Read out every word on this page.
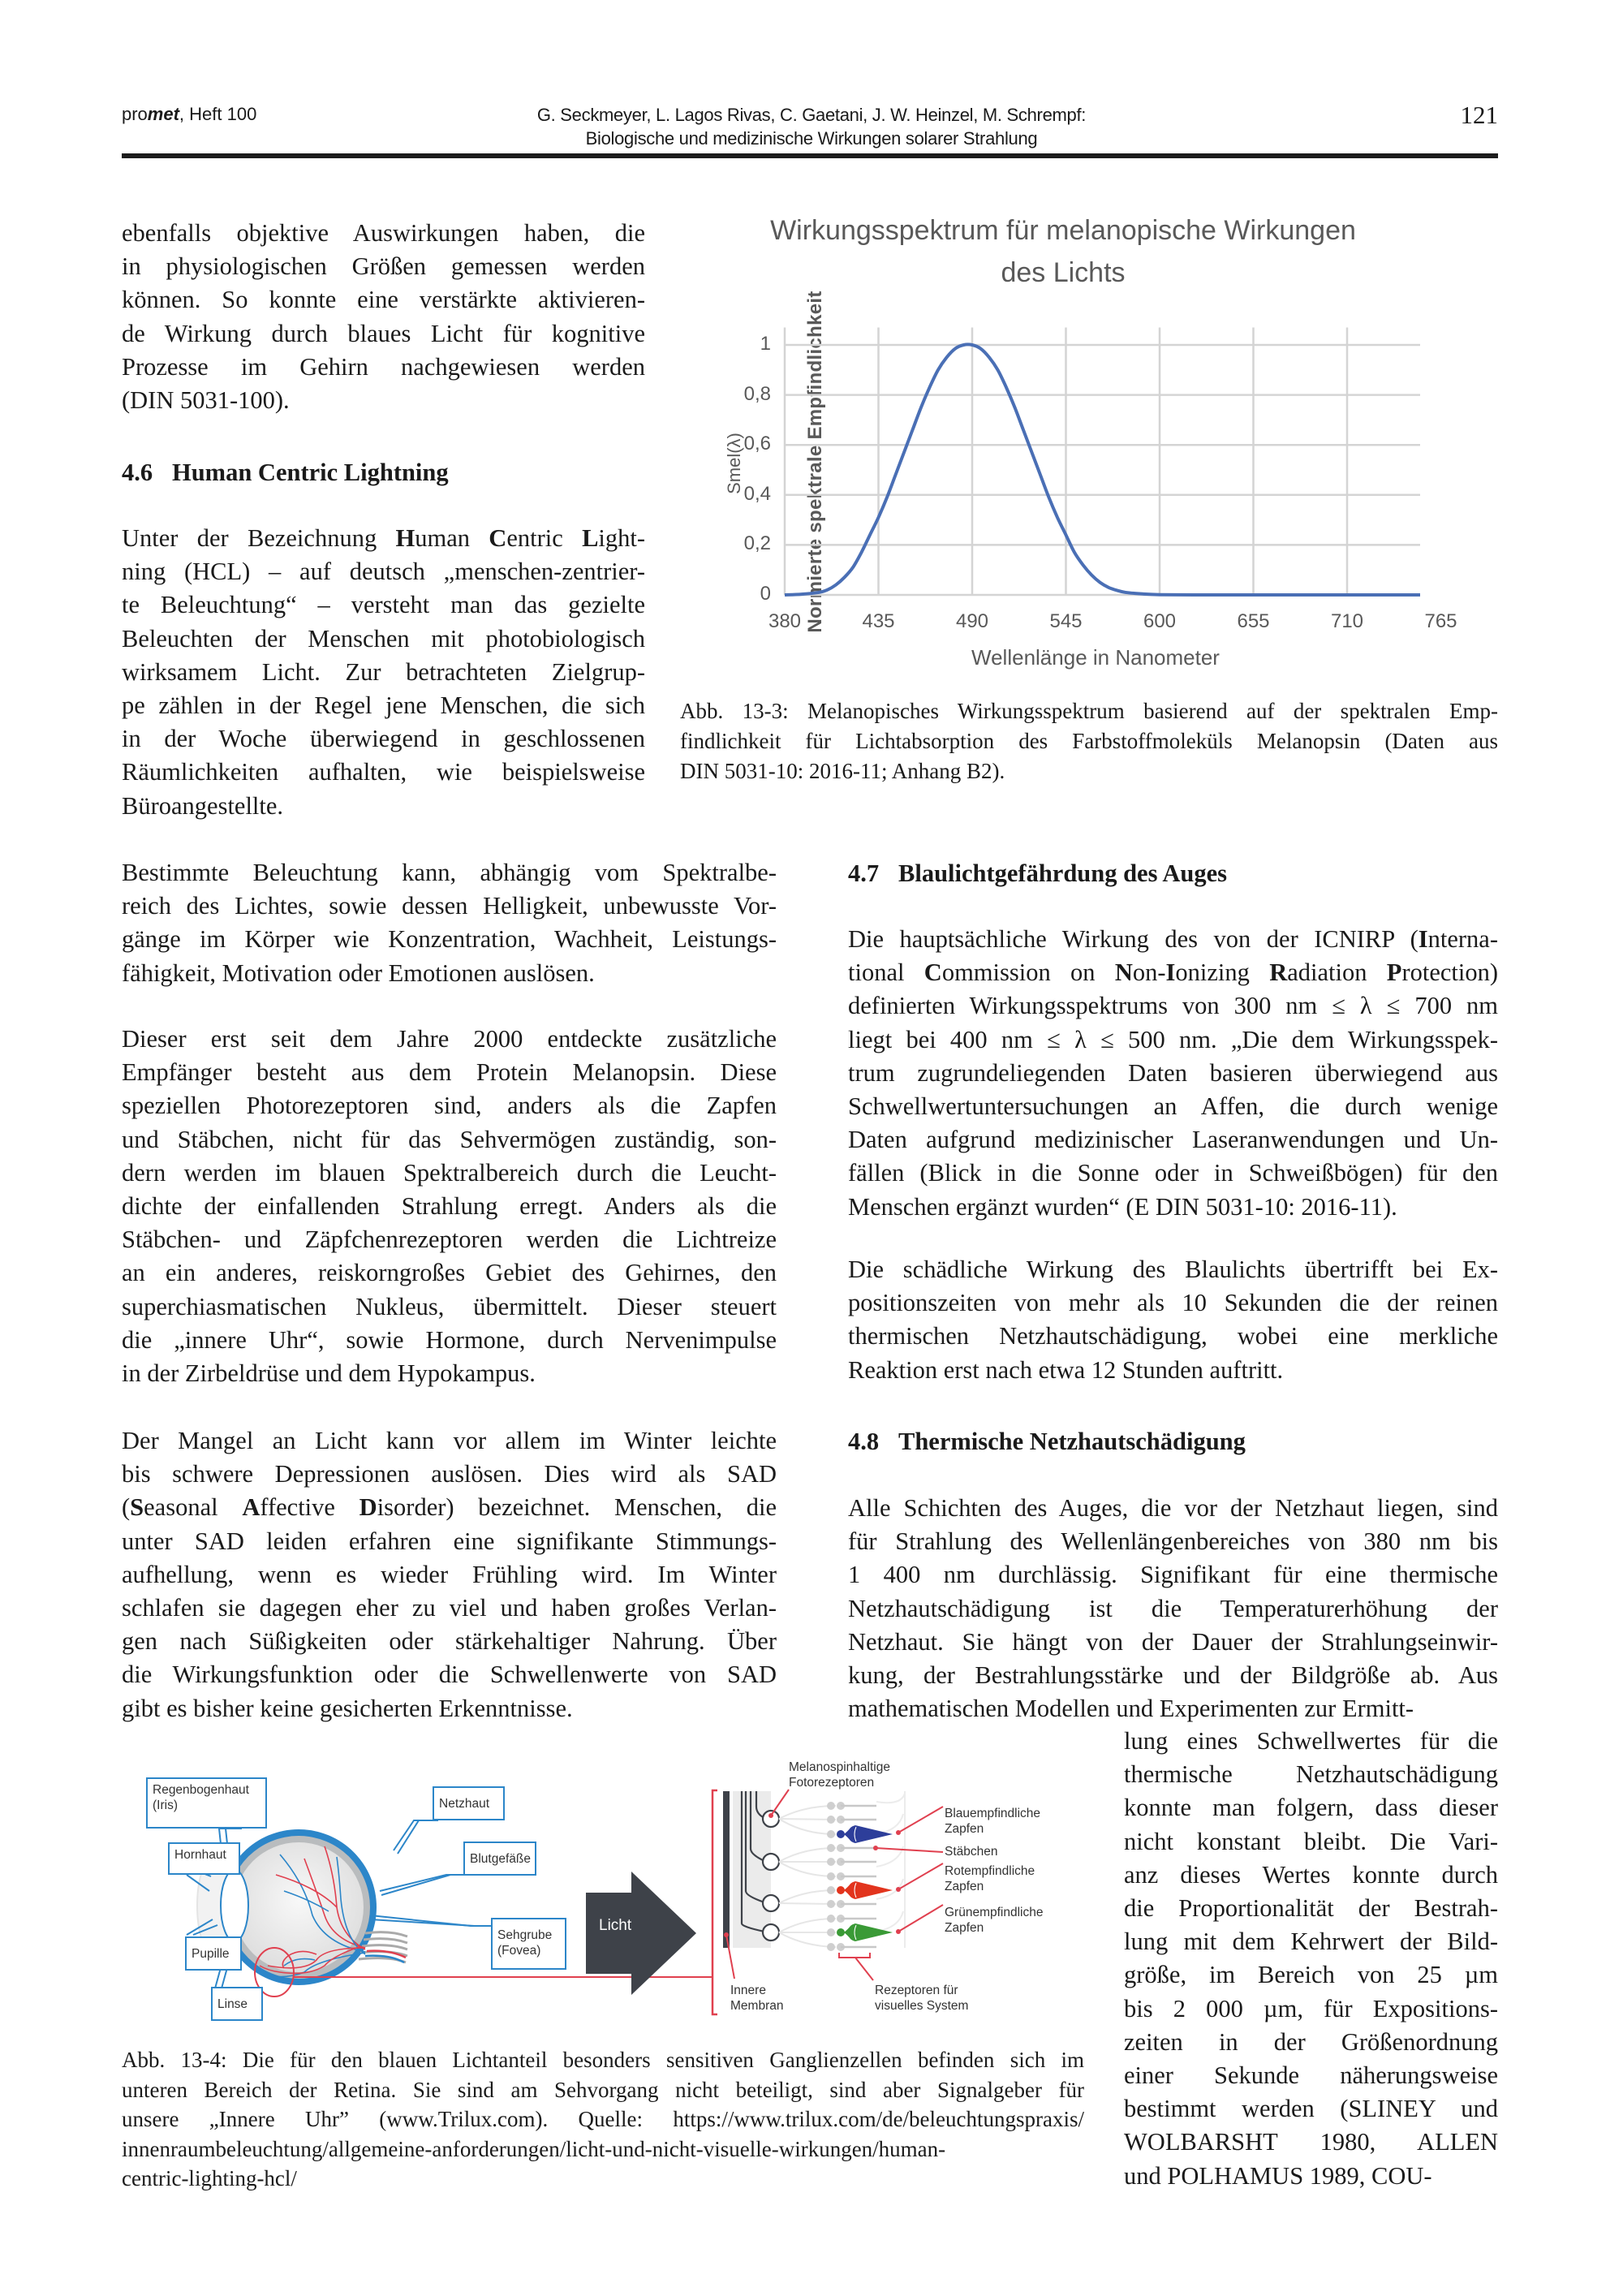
promet, Heft 100	G. Seckmeyer, L. Lagos Rivas, C. Gaetani, J. W. Heinzel, M. Schrempf:
Biologische und medizinische Wirkungen solarer Strahlung
121
ebenfalls objektive Auswirkungen haben, die
in physiologischen Größen gemessen werden
können. So konnte eine verstärkte aktivieren-
de Wirkung durch blaues Licht für kognitive
Prozesse im Gehirn nachgewiesen werden
(DIN 5031-100).
4.6 Human Centric Lightning
Unter der Bezeichnung Human Centric Light-
ning (HCL) – auf deutsch „menschen-zentrier-
te Beleuchtung“ – versteht man das gezielte
Beleuchten der Menschen mit photobiologisch
wirksamem Licht. Zur betrachteten Zielgrup-
pe zählen in der Regel jene Menschen, die sich
in der Woche überwiegend in geschlossenen
Räumlichkeiten aufhalten, wie beispielsweise
Büroangestellte.
Wirkungsspektrum für melanopische Wirkungen
des Lichts
Normierte spektrale Empfindlichkeit
Smel(λ)
0
0,2
0,4
0,6
0,8
1
380	435	490	545	600	655	710	765
Wellenlänge in Nanometer
Abb. 13-3: Melanopisches Wirkungsspektrum basierend auf der spektralen Emp-
findlichkeit für Lichtabsorption des Farbstoffmoleküls Melanopsin (Daten aus
DIN 5031-10: 2016-11; Anhang B2).
Bestimmte Beleuchtung kann, abhängig vom Spektralbe-
reich des Lichtes, sowie dessen Helligkeit, unbewusste Vor-
gänge im Körper wie Konzentration, Wachheit, Leistungs-
fähigkeit, Motivation oder Emotionen auslösen.
Dieser erst seit dem Jahre 2000 entdeckte zusätzliche
Empfänger besteht aus dem Protein Melanopsin. Diese
speziellen Photorezeptoren sind, anders als die Zapfen
und Stäbchen, nicht für das Sehvermögen zuständig, son-
dern werden im blauen Spektralbereich durch die Leucht-
dichte der einfallenden Strahlung erregt. Anders als die
Stäbchen- und Zäpfchenrezeptoren werden die Lichtreize
an ein anderes, reiskorngroßes Gebiet des Gehirnes, den
superchiasmatischen Nukleus, übermittelt. Dieser steuert
die „innere Uhr“, sowie Hormone, durch Nervenimpulse
in der Zirbeldrüse und dem Hypokampus.
Der Mangel an Licht kann vor allem im Winter leichte
bis schwere Depressionen auslösen. Dies wird als SAD
(Seasonal Affective Disorder) bezeichnet. Menschen, die
unter SAD leiden erfahren eine signifikante Stimmungs-
aufhellung, wenn es wieder Frühling wird. Im Winter
schlafen sie dagegen eher zu viel und haben großes Verlan-
gen nach Süßigkeiten oder stärkehaltiger Nahrung. Über
die Wirkungsfunktion oder die Schwellenwerte von SAD
gibt es bisher keine gesicherten Erkenntnisse.
4.7 Blaulichtgefährdung des Auges
Die hauptsächliche Wirkung des von der ICNIRP (Interna-
tional Commission on Non-Ionizing Radiation Protection)
definierten Wirkungsspektrums von 300 nm ≤ λ ≤ 700 nm
liegt bei 400 nm ≤ λ ≤ 500 nm. „Die dem Wirkungsspek-
trum zugrundeliegenden Daten basieren überwiegend aus
Schwellwertuntersuchungen an Affen, die durch wenige
Daten aufgrund medizinischer Laseranwendungen und Un-
fällen (Blick in die Sonne oder in Schweißbögen) für den
Menschen ergänzt wurden“ (E DIN 5031-10: 2016-11).
Die schädliche Wirkung des Blaulichts übertrifft bei Ex-
positionszeiten von mehr als 10 Sekunden die der reinen
thermischen Netzhautschädigung, wobei eine merkliche
Reaktion erst nach etwa 12 Stunden auftritt.
4.8 Thermische Netzhautschädigung
Alle Schichten des Auges, die vor der Netzhaut liegen, sind
für Strahlung des Wellenlängenbereiches von 380 nm bis
1 400 nm durchlässig. Signifikant für eine thermische
Netzhautschädigung ist die Temperaturerhöhung der
Netzhaut. Sie hängt von der Dauer der Strahlungseinwir-
kung, der Bestrahlungsstärke und der Bildgröße ab. Aus
mathematischen Modellen und Experimenten zur Ermitt-
lung eines Schwellwertes für die
thermische Netzhautschädigung
konnte man folgern, dass dieser
nicht konstant bleibt. Die Vari-
anz dieses Wertes konnte durch
die Proportionalität der Bestrah-
lung mit dem Kehrwert der Bild-
größe, im Bereich von 25 µm
bis 2 000 µm, für Expositions-
zeiten in der Größenordnung
einer Sekunde näherungsweise
bestimmt werden (SLINEY und
WOLBARSHT 1980, ALLEN
und POLHAMUS 1989, COU-
Regenbogenhaut
(Iris)
Hornhaut
Pupille
Linse
Netzhaut
Blutgefäße
Sehgrube
(Fovea)
Licht
Melanospinhaltige
Fotorezeptoren
Blauempfindliche
Zapfen
Stäbchen
Rotempfindliche
Zapfen
Grünempfindliche
Zapfen
Innere
Membran
Rezeptoren für
visuelles System
Abb. 13-4: Die für den blauen Lichtanteil besonders sensitiven Ganglienzellen befinden sich im
unteren Bereich der Retina. Sie sind am Sehvorgang nicht beteiligt, sind aber Signalgeber für
unsere „Innere Uhr” (www.Trilux.com). Quelle: https://www.trilux.com/de/beleuchtungspraxis/
innenraumbeleuchtung/allgemeine-anforderungen/licht-und-nicht-visuelle-wirkungen/human-
centric-lighting-hcl/
